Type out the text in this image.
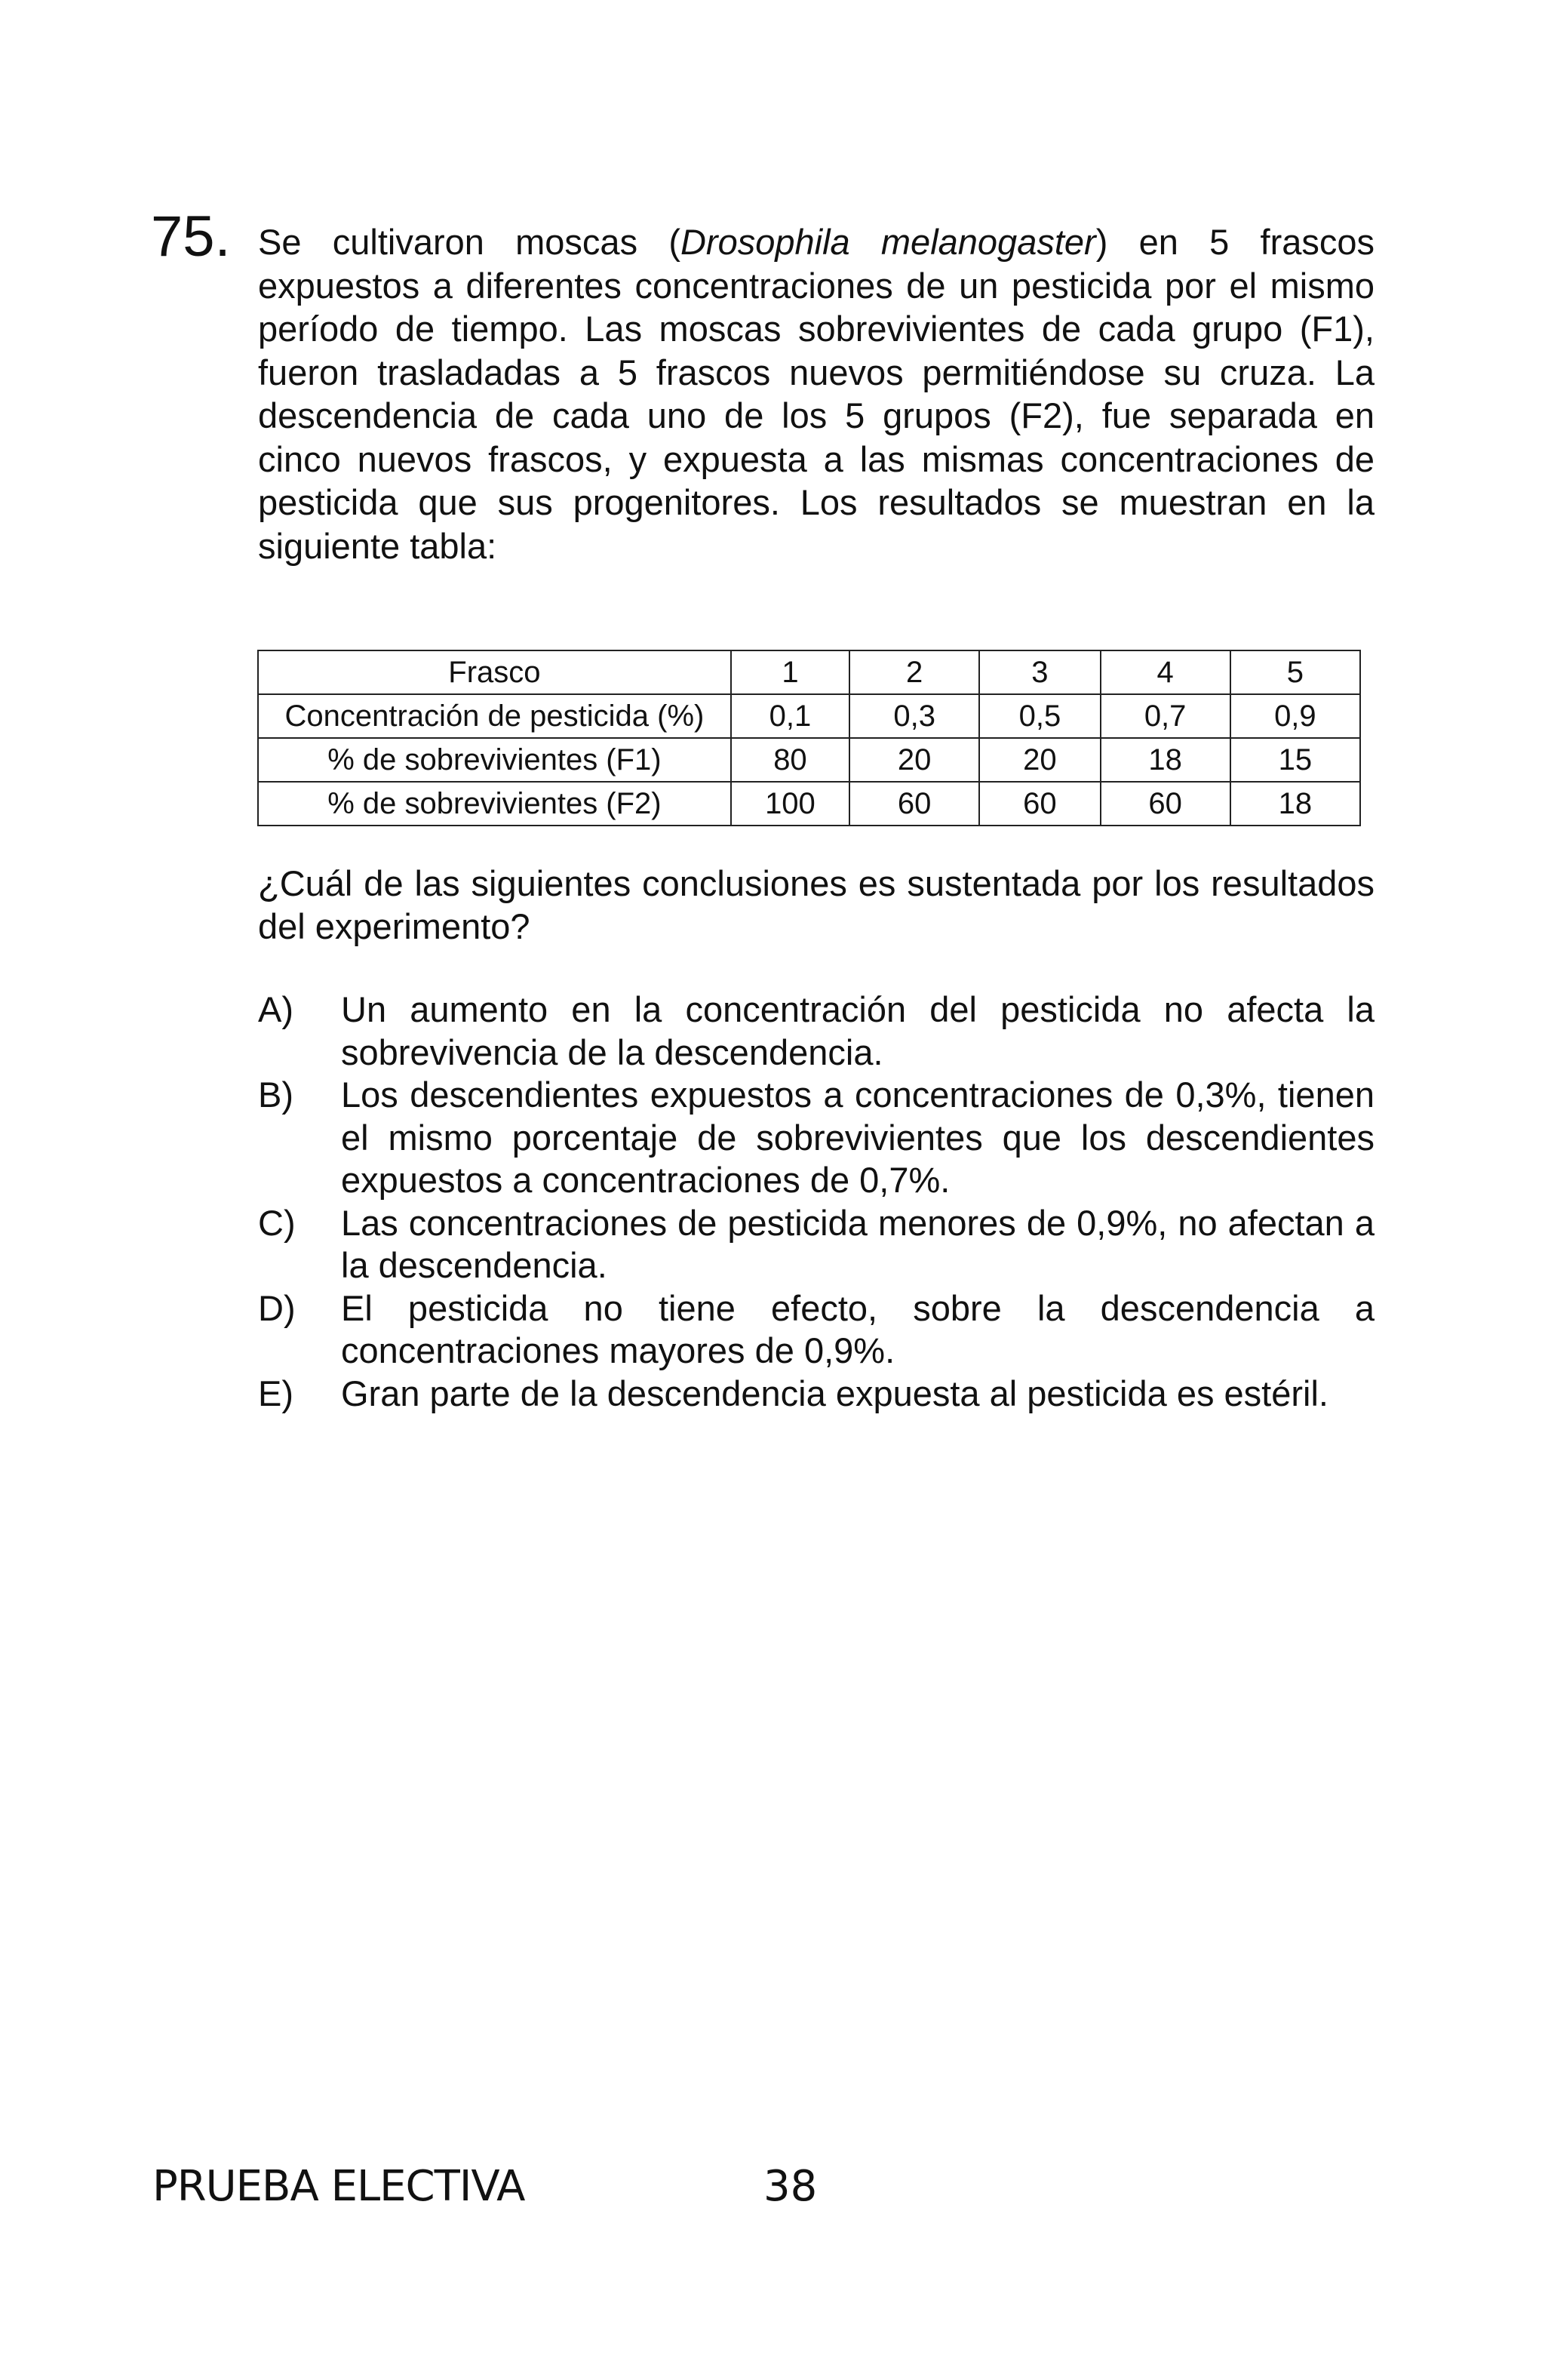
75. Se cultivaron moscas (Drosophila melanogaster) en 5 frascos expuestos a diferentes concentraciones de un pesticida por el mismo período de tiempo. Las moscas sobrevivientes de cada grupo (F1), fueron trasladadas a 5 frascos nuevos permitiéndose su cruza. La descendencia de cada uno de los 5 grupos (F2), fue separada en cinco nuevos frascos, y expuesta a las mismas concentraciones de pesticida que sus progenitores. Los resultados se muestran en la siguiente tabla:

Frasco	1	2	3	4	5
Concentración de pesticida (%)	0,1	0,3	0,5	0,7	0,9
% de sobrevivientes (F1)	80	20	20	18	15
% de sobrevivientes (F2)	100	60	60	60	18

¿Cuál de las siguientes conclusiones es sustentada por los resultados del experimento?

A)	Un aumento en la concentración del pesticida no afecta la sobrevivencia de la descendencia.
B)	Los descendientes expuestos a concentraciones de 0,3%, tienen el mismo porcentaje de sobrevivientes que los descendientes expuestos a concentraciones de 0,7%.
C)	Las concentraciones de pesticida menores de 0,9%, no afectan a la descendencia.
D)	El pesticida no tiene efecto, sobre la descendencia a concentraciones mayores de 0,9%.
E)	Gran parte de la descendencia expuesta al pesticida es estéril.
PRUEBA ELECTIVA	38
